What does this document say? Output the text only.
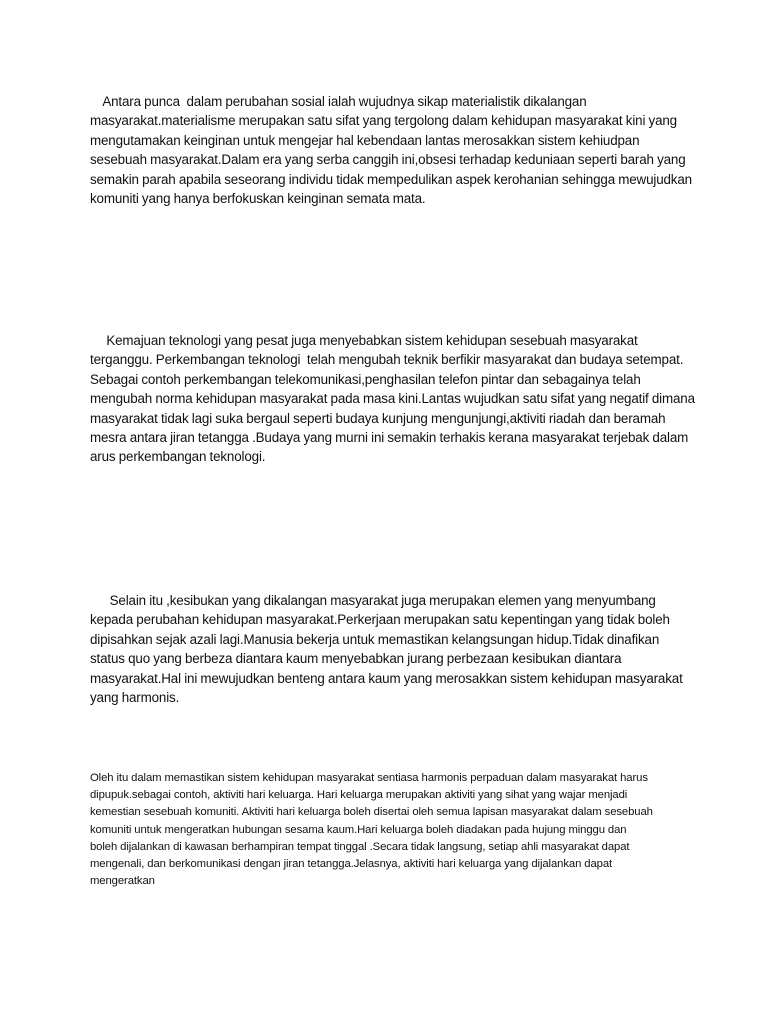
Antara punca  dalam perubahan sosial ialah wujudnya sikap materialistik dikalangan
masyarakat.materialisme merupakan satu sifat yang tergolong dalam kehidupan masyarakat kini yang
mengutamakan keinginan untuk mengejar hal kebendaan lantas merosakkan sistem kehiudpan
sesebuah masyarakat.Dalam era yang serba canggih ini,obsesi terhadap keduniaan seperti barah yang
semakin parah apabila seseorang individu tidak mempedulikan aspek kerohanian sehingga mewujudkan
komuniti yang hanya berfokuskan keinginan semata mata.

Kemajuan teknologi yang pesat juga menyebabkan sistem kehidupan sesebuah masyarakat
terganggu. Perkembangan teknologi  telah mengubah teknik berfikir masyarakat dan budaya setempat.
Sebagai contoh perkembangan telekomunikasi,penghasilan telefon pintar dan sebagainya telah
mengubah norma kehidupan masyarakat pada masa kini.Lantas wujudkan satu sifat yang negatif dimana
masyarakat tidak lagi suka bergaul seperti budaya kunjung mengunjungi,aktiviti riadah dan beramah
mesra antara jiran tetangga .Budaya yang murni ini semakin terhakis kerana masyarakat terjebak dalam
arus perkembangan teknologi.

Selain itu ,kesibukan yang dikalangan masyarakat juga merupakan elemen yang menyumbang
kepada perubahan kehidupan masyarakat.Perkerjaan merupakan satu kepentingan yang tidak boleh
dipisahkan sejak azali lagi.Manusia bekerja untuk memastikan kelangsungan hidup.Tidak dinafikan
status quo yang berbeza diantara kaum menyebabkan jurang perbezaan kesibukan diantara
masyarakat.Hal ini mewujudkan benteng antara kaum yang merosakkan sistem kehidupan masyarakat
yang harmonis.

Oleh itu dalam memastikan sistem kehidupan masyarakat sentiasa harmonis perpaduan dalam masyarakat harus
dipupuk.sebagai contoh, aktiviti hari keluarga. Hari keluarga merupakan aktiviti yang sihat yang wajar menjadi
kemestian sesebuah komuniti. Aktiviti hari keluarga boleh disertai oleh semua lapisan masyarakat dalam sesebuah
komuniti untuk mengeratkan hubungan sesama kaum.Hari keluarga boleh diadakan pada hujung minggu dan
boleh dijalankan di kawasan berhampiran tempat tinggal .Secara tidak langsung, setiap ahli masyarakat dapat
mengenali, dan berkomunikasi dengan jiran tetangga.Jelasnya, aktiviti hari keluarga yang dijalankan dapat
mengeratkan
